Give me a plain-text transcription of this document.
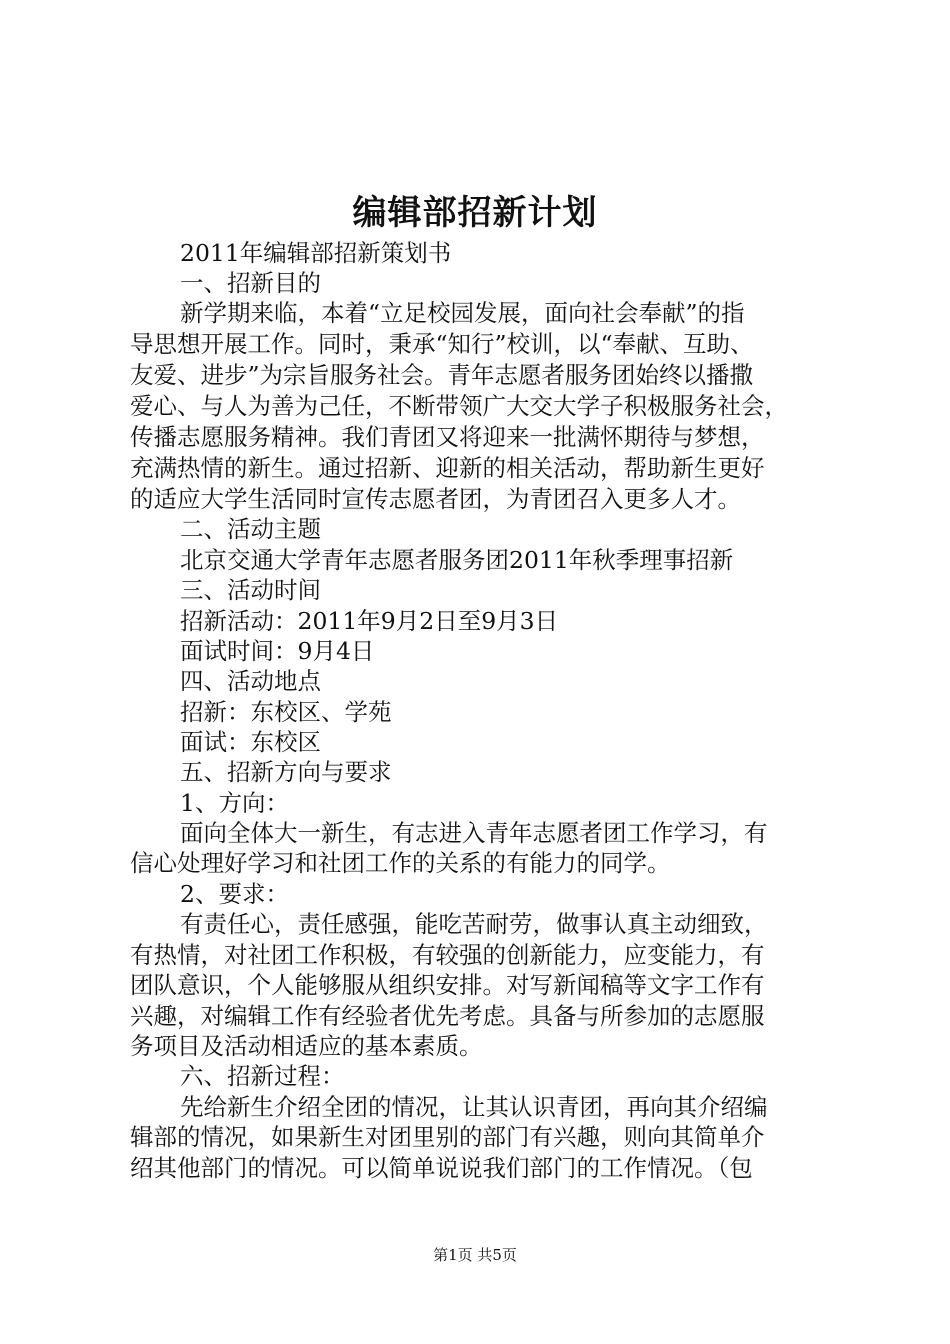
编辑部招新计划
2011年编辑部招新策划书
一、招新目的
新学期来临，本着“立足校园发展，面向社会奉献”的指
导思想开展工作。同时，秉承“知行”校训，以“奉献、互助、
友爱、进步”为宗旨服务社会。青年志愿者服务团始终以播撒
爱心、与人为善为己任，不断带领广大交大学子积极服务社会，
传播志愿服务精神。我们青团又将迎来一批满怀期待与梦想，
充满热情的新生。通过招新、迎新的相关活动，帮助新生更好
的适应大学生活同时宣传志愿者团，为青团召入更多人才。
二、活动主题
北京交通大学青年志愿者服务团2011年秋季理事招新
三、活动时间
招新活动：2011年9月2日至9月3日
面试时间：9月4日
四、活动地点
招新：东校区、学苑
面试：东校区
五、招新方向与要求
1、方向：
面向全体大一新生，有志进入青年志愿者团工作学习，有
信心处理好学习和社团工作的关系的有能力的同学。
2、要求：
有责任心，责任感强，能吃苦耐劳，做事认真主动细致，
有热情，对社团工作积极，有较强的创新能力，应变能力，有
团队意识，个人能够服从组织安排。对写新闻稿等文字工作有
兴趣，对编辑工作有经验者优先考虑。具备与所参加的志愿服
务项目及活动相适应的基本素质。
六、招新过程：
先给新生介绍全团的情况，让其认识青团，再向其介绍编
辑部的情况，如果新生对团里别的部门有兴趣，则向其简单介
绍其他部门的情况。可以简单说说我们部门的工作情况。（包
第1页 共5页
